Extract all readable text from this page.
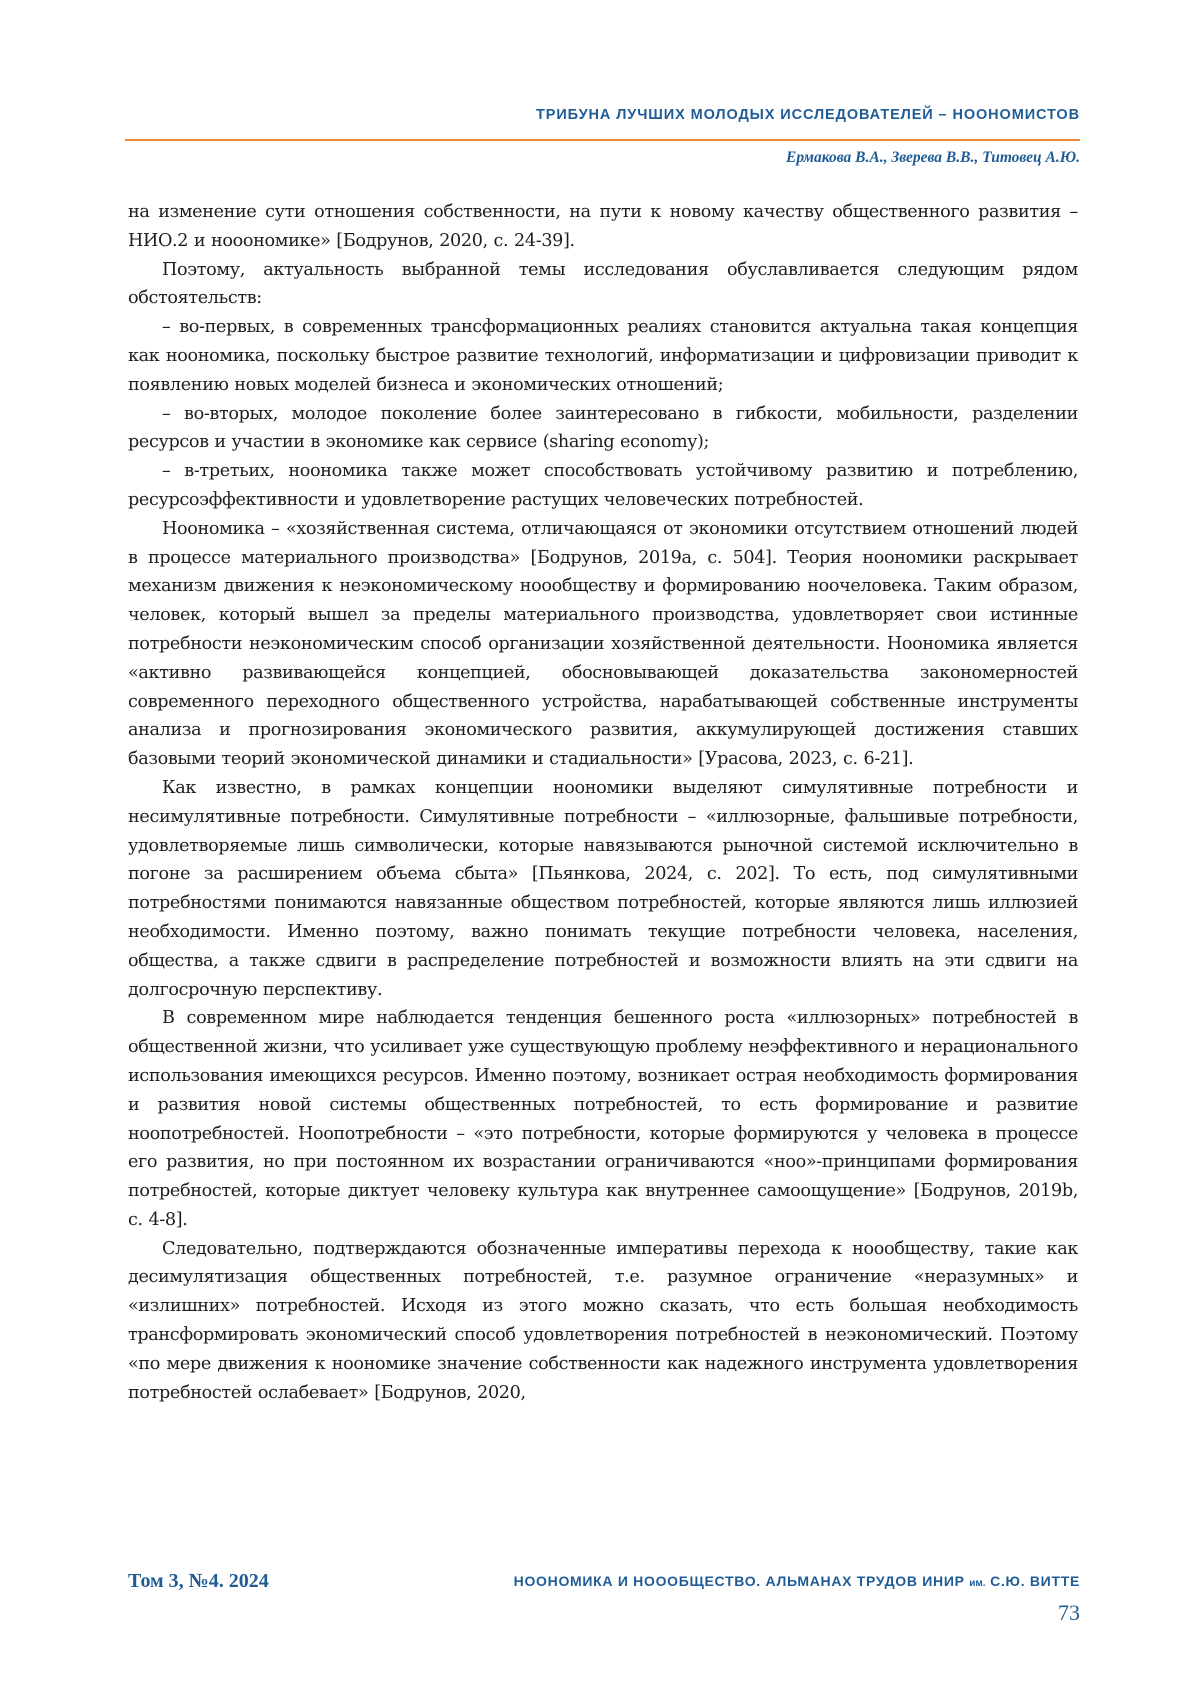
ТРИБУНА ЛУЧШИХ МОЛОДЫХ ИССЛЕДОВАТЕЛЕЙ – НООНОМИСТОВ

Ермакова В.А., Зверева В.В., Титовец А.Ю.

на изменение сути отношения собственности, на пути к новому качеству общественного развития – НИО.2 и нооономике» [Бодрунов, 2020, с. 24-39].

Поэтому, актуальность выбранной темы исследования обуславливается следующим рядом обстоятельств:

– во-первых, в современных трансформационных реалиях становится актуальна такая концепция как ноономика, поскольку быстрое развитие технологий, информатизации и цифровизации приводит к появлению новых моделей бизнеса и экономических отношений;

– во-вторых, молодое поколение более заинтересовано в гибкости, мобильности, разделении ресурсов и участии в экономике как сервисе (sharing economy);

– в-третьих, ноономика также может способствовать устойчивому развитию и потреблению, ресурсоэффективности и удовлетворение растущих человеческих потребностей.

Ноономика – «хозяйственная система, отличающаяся от экономики отсутствием отношений людей в процессе материального производства» [Бодрунов, 2019a, с. 504]. Теория ноономики раскрывает механизм движения к неэкономическому нооoбществу и формированию ноочеловека. Таким образом, человек, который вышел за пределы материального производства, удовлетворяет свои истинные потребности неэкономическим способ организации хозяйственной деятельности. Ноономика является «активно развивающейся концепцией, обосновывающей доказательства закономерностей современного переходного общественного устройства, нарабатывающей собственные инструменты анализа и прогнозирования экономического развития, аккумулирующей достижения ставших базовыми теорий экономической динамики и стадиальности» [Урасова, 2023, с. 6-21].

Как известно, в рамках концепции ноономики выделяют симулятивные потребности и несимулятивные потребности. Симулятивные потребности – «иллюзорные, фальшивые потребности, удовлетворяемые лишь символически, которые навязываются рыночной системой исключительно в погоне за расширением объема сбыта» [Пьянкова, 2024, с. 202]. То есть, под симулятивными потребностями понимаются навязанные обществом потребностей, которые являются лишь иллюзией необходимости. Именно поэтому, важно понимать текущие потребности человека, населения, общества, а также сдвиги в распределение потребностей и возможности влиять на эти сдвиги на долгосрочную перспективу.

В современном мире наблюдается тенденция бешенного роста «иллюзорных» потребностей в общественной жизни, что усиливает уже существующую проблему неэффективного и нерационального использования имеющихся ресурсов. Именно поэтому, возникает острая необходимость формирования и развития новой системы общественных потребностей, то есть формирование и развитие ноопотребностей. Ноопотребности – «это потребности, которые формируются у человека в процессе его развития, но при постоянном их возрастании ограничиваются «ноо»-принципами формирования потребностей, которые диктует человеку культура как внутреннее самоощущение» [Бодрунов, 2019b, с. 4-8].

Следовательно, подтверждаются обозначенные императивы перехода к нооoбществу, такие как десимулятизация общественных потребностей, т.е. разумное ограничение «неразумных» и «излишних» потребностей. Исходя из этого можно сказать, что есть большая необходимость трансформировать экономический способ удовлетворения потребностей в неэкономический. Поэтому «по мере движения к ноономике значение собственности как надежного инструмента удовлетворения потребностей ослабевает» [Бодрунов, 2020,

Том 3, №4. 2024	НООНОМИКА И НОООБЩЕСТВО. АЛЬМАНАХ ТРУДОВ ИНИР им. С.Ю. ВИТТЕ

73
